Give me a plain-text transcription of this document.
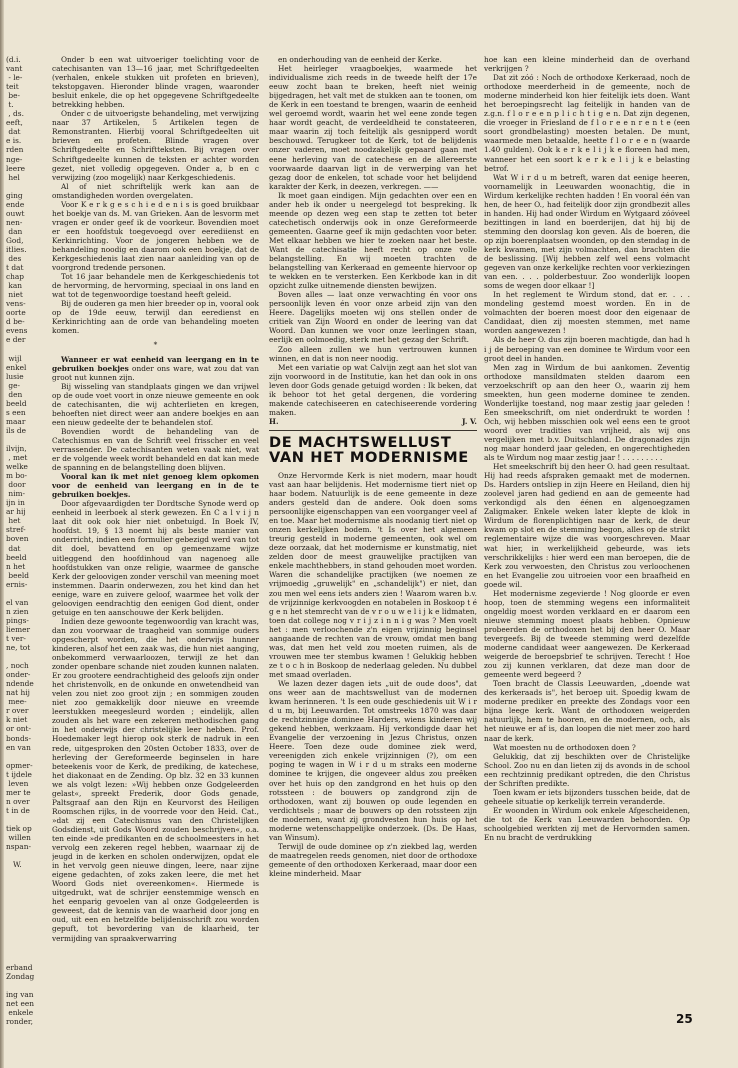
(d.i.
vant
- le-
teit
be-
t.
, ds.
eeft,
dat
e is.
rden
nge-
leere
hel

ging
ende
ouwt
nen-
dan
God,
itlies.
des
t dat
chap
kan
niet
vens-
oorte
d be-
evens
e der

wijl
enkel
lusie
ge-
den
beeld
s een
maar
ils de

ilvijn,
, met
welke
m bo-
door
nim-
ijn in
ar hij
het
stref-
boven
dat
beeld
n het
beeld
ernis-

el van
n zien
pings-
liemer
t ver-
ne, tot

, noch
onder-
ndende
nat hij
mee-
r over
k niet
or ont-
bonds-
en van

opmer-
t ijdele
leven
mer te
n over
t in de

tiek op
willen
nspan-

W.
erband
Zondag

ing van
net een
enkele
ronder,

Onder b een wat uitvoeriger toelichting voor de catechisanten van 13—16 jaar, met Schriftgedeelten (verhalen, enkele stukken uit profeten en brieven), tekstopgaven. Hieronder blinde vragen, waaronder besluit enkele, die op het opgegevene Schriftgedeelte betrekking hebben.

Onder c de uitvoerigste behandeling, met verwijzing naar 37 Artikelen, 5 Artikelen tegen de Remonstranten. Hierbij vooral Schriftgedeelten uit brieven en profeten. Blinde vragen over Schriftgedeelte en Schriftteksten. Bij vragen over Schriftgedeelte kunnen de teksten er achter worden gezet, niet volledig opgegeven. Onder a, b en c verwijzing (zoo mogelijk) naar Kerkgeschiedenis.

Al of niet schriftelijk werk kan aan de omstandigheden worden overgelaten.

Voor K e r k g e s c h i e d e n i s is goed bruikbaar het boekje van ds. M. van Grieken. Aan de lesvorm met vragen er onder geef ik de voorkeur. Bovendien moet er een hoofdstuk toegevoegd over eerediienst en Kerkinrichting. Voor de jongeren hebben we de behandeling noodig en daarom ook een boekje, dat de Kerkgeschiedenis laat zien naar aanleiding van op de voorgrond tredende personen.

Tot 16 jaar behandele men de Kerkgeschiedenis tot de hervorming, de hervorming, speciaal in ons land en wat tot de tegenwoordige toestand heeft geleid.

Bij de ouderen ga men hier breeder op in, vooral ook op de 19de eeuw, terwijl dan eeredienst en Kerkinrichting aan de orde van behandeling moeten komen.

*

Wanneer er wat eenheid van leergang en in te gebruiken boekjes onder ons ware, wat zou dat van groot nut kunnen zijn.

Bij wisseling van standplaats gingen we dan vrijwel op de oude voet voort in onze nieuwe gemeente en ook de catechisanten, die wij achterlieten en kregen, behoeften niet direct weer aan andere boekjes en aan een nieuw gedeelte der te behandelen stof.

Bovendien wordt de behandeling van de Catechismus en van de Schrift veel frisscher en veel verrassender. De catechisanten weten vaak niet, wat er de volgende week wordt behandeld en dat kan mede de spanning en de belangstelling doen blijven.

Vooral kan ik met niet genoeg klem opkomen voor de eenheid van leergang en in de te gebruiken boekjes.

Door afgevaardigden ter Dordtsche Synode werd op eenheid in leerboek al sterk gewezen. En C a l v i j n laat dit ook ook hier niet onbetuigd. In Boek IV, hoofdst. 19, § 13 noemt hij als beste manier van onderricht, indien een formulier gebezigd werd van tot dit doel, bevattend en op gemeenzame wijze uitleggend den hoofdinhoud van nagenoeg alle hoofdstukken van onze religie, waarmee de gansche Kerk der geloovigen zonder verschil van meening moet instemmen. Daarin onderwezen, zou het kind dan het eenige, ware en zuivere geloof, waarmee het volk der geloovigen eendrachtig den eenigen God dient, onder getuige en ten aanschouwe der Kerk belijden.

Indien deze gewoonte tegenwoordig van kracht was, dan zou voorwaar de traagheid van sommige ouders opgescherpt worden, die het onderwijs hunner kinderen, alsof het een zaak was, die hun niet aanging, onbekommerd verwaarloozen, terwijl ze het dan zonder openbare schande niet zouden kunnen nalaten. Er zou grootere eendrachtigheid des geloofs zijn onder het christenvolk, en de onkunde en onwetendheid van velen zou niet zoo groot zijn ; en sommigen zouden niet zoo gemakkelijk door nieuwe en vreemde leerstukken meegesleurd worden ; eindelijk, allen zouden als het ware een zekeren methodischen gang in het onderwijs der christelijke leer hebben. Prof. Hoedemaker legt hierop ook sterk de nadruk in een rede, uitgesproken den 20sten October 1833, over de herleving der Gereformeerde beginselen in hare beteekenis voor de Kerk, de prediking, de katechese, het diakonaat en de Zending. Op blz. 32 en 33 kunnen we als volgt lezen: »Wij hebben onze Godgeleerden gelast«, spreekt Frederik, door Gods genade, Paltsgraaf aan den Rijn en Keurvorst des Heiligen Roomschen rijks, in de voorrede voor den Heid. Cat., »dat zij een Catechismus van den Christelijken Godsdienst, uit Gods Woord zouden beschrijven«, o.a. ten einde »de predikanten en de schoolmeesters in het vervolg een zekeren regel hebben, waarnaar zij de jeugd in de kerken en scholen onderwijzen, opdat ele in het vervolg geen nieuwe dingen, leere, naar zijne eigene gedachten, of zoks zaken leere, die met het Woord Gods niet overeenkomen«. Hiermede is uitgedrukt, wat de schrijer eenstemmige wensch en het eenparig gevoelen van al onze Godgeleerden is geweest, dat de kennis van de waarheid door jong en oud, uit een en hetzelfde belijdenisschrift zou worden gepuft, tot bevordering van de klaarheid, ter vermijding van spraakverwarring

en onderhouding van de eenheid der Kerke.

Het heirleger vraagboekjes, waarmede het individualisme zich reeds in de tweede helft der 17e eeuw zocht baan te breken, heeft niet weinig bijgedragen, het valt met de stukken aan te toonen, om de Kerk in een toestand te brengen, waarin de eenheid wel geroemd wordt, waarin het wel eene zonde tegen haar wordt geacht, de verdeeldheid te constateeren, maar waarin zij toch feitelijk als gesnipperd wordt beschouwd. Terugkeer tot de Kerk, tot de belijdenis onzer vaderen, moet noodzakelijk gepaard gaan met eene herleving van de catechese en de allereerste voorwaarde daarvan ligt in de verwerping van het gezag door de enkelen, tot schade voor het belijdend karakter der Kerk, in deezen, verkregen. ——

Ik moet gaan eindigen. Mijn gedachten over een en ander heb ik onder u neergelegd tot bespreking. Ik meende op dezen weg een stap te zetten tot beter catechetisch onderwijs ook in onze Gereformeerde gemeenten. Gaarne geef ik mijn gedachten voor beter. Met elkaar hebben we hier te zoeken naar het beste. Want de catechisatie heeft recht op onze volle belangstelling. En wij moeten trachten de belangstelling van Kerkeraad en gemeente hiervoor op te wekken en te versterken. Een Kerkbode kan in dit opzicht zulke uitnemende diensten bewijzen.

Boven alles — laat onze verwachting én voor ons persoonlijk leven én voor onze arbeid zijn van den Heere. Dagelijks moeten wij ons stellen onder de critiek van Zijn Woord en onder de leering van dat Woord. Dan kunnen we voor onze leerlingen staan, eerlijk en oolmoedig, sterk met het gezag der Schrift.

Zoo alleen zullen we hun vertrouwen kunnen winnen, en dat is non neer noodig.

Met een variatie op wat Calvijn zegt aan het slot van zijn voorwoord in de Institutie, kan het dan ook in ons leven door Gods genade getuigd worden : Ik beken, dat ik behoor tot het getal dergenen, die vordering makende catechiseeren en catechiseerende vordering maken.

H.	J. V.
DE MACHTSWELLUST VAN HET MODERNISME

Onze Hervormde Kerk is niet modern, maar houdt vast aan haar belijdenis. Het modernisme tiert niet op haar bodem. Natuurlijk is de eene gemeente in deze anders gesteld dan de andere. Ook doen soms persoonlijke eigenschappen van een voorganger veel af en toe. Maar het modernisme als noodanig tiert niet op onzen kerkelijken bodem. 't Is over het algemeen treurig gesteld in moderne gemeenten, ook wel om deze oorzaak, dat het modernisme er kunstmatig, niet zelden door de meest grauwelijke practijken van enkele machthebbers, in stand gehouden moet worden. Waren die schandelijke practijken (we noemen ze vrijmoedig „gruwelijk" en „schandelijk") er niet, dan zou men wel eens iets anders zien ! Waarom waren b.v. de vrijzinnige kerkvoogden en notabelen in Boskoop t é g e n het stemrecht van de v r o u w e l i j k e lidmaten, toen dat college nog v r i j z i n n i g was ? Men voelt het : men verloochende z'n eigen vrijzinnig beginsel aangaande de rechten van de vrouw, omdat men bang was, dat men het veld zou moeten ruimen, als de vrouwen mee ter stembus kwamen ! Gelukkig hebben ze t o c h in Boskoop de nederlaag geleden. Nu dubbel met smaad overladen.

We lazen dezer dagen iets „uit de oude doos", dat ons weer aan de machtswellust van de modernen kwam herinneren. 't Is een oude geschiedenis uit W i r d u m, bij Leeuwarden. Tot omstreeks 1870 was daar de rechtzinnige dominee Harders, wiens kinderen wij gekend hebben, werkzaam. Hij verkondigde daar het Evangelie der verzoening in Jezus Christus, onzen Heere. Toen deze oude dominee ziek werd, vereenigden zich enkele vrijzinnigen (?), om een poging te wagen in W i r d u m straks een moderne dominee te krijgen, die ongeveer aldus zou preêken over het huis op den zandgrond en het huis op den rotssteen : de bouwers op zandgrond zijn de orthodoxen, want zij bouwen op oude legenden en verdichtsels ; maar de bouwers op den rotssteen zijn de modernen, want zij grondvesten hun huis op het moderne wetenschappelijke onderzoek. (Ds. De Haas, van Winsum).

Terwijl de oude dominee op z'n ziekbed lag, werden de maatregelen reeds genomen, niet door de orthodoxe gemeente of den orthodoxen Kerkeraad, maar door een kleine minderheid. Maar

hoe kan een kleine minderheid dan de overhand verkrijgen ?

Dat zit zóó : Noch de orthodoxe Kerkeraad, noch de orthodoxe meerderheid in de gemeente, noch de moderne minderheid kon hier feitelijk iets doen. Want het beroepingsrecht lag feitelijk in handen van de z.g.n. f l o r e e n p l i c h t i g e n. Dat zijn degenen, die vroeger in Friesland de f l o r e e n r e n t e (een soort grondbelasting) moesten betalen. De munt, waarmede men betaalde, heette f l o r e e n (waarde 1.40 gulden). Ook k e r k e l i j k e floreen had men, wanneer het een soort k e r k e l i j k e belasting betrof.

Wat W i r d u m betreft, waren dat eenige heeren, voornamelijk in Leeuwarden woonachtig, die in Wirdum kerkelijke rechten hadden ! En vooral één van hen, de heer O., had feitelijk door zijn grondbezit alles in handen. Hij had onder Wirdum en Wytgaard zóóveel bezittingen in land en boerderijen, dat hij bij de stemming den doorslag kon geven. Als de boeren, die op zijn boerenplaatsen woonden, op den stemdag in de kerk kwamen, met zijn volmachten, dan brachten die de beslissing. [Wij hebben zelf wel eens volmacht gegeven van onze kerkelijke rechten voor verkiezingen van een. . . . polderbestuur. Zoo wonderlijk loopen soms de wegen door elkaar !]

In het reglement te Wirdum stond, dat er. . . . mondeling gestemd moest worden. En in de volmachten der boeren moest door den eigenaar de Candidaat, dien zij moesten stemmen, met name worden aangewezen !

Als de heer O. dus zijn boeren machtigde, dan had h i j de beroeping van een dominee te Wirdum voor een groot deel in handen.

Men zag in Wirdum de bui aankomen. Zeventig orthodoxe mansildmaten stelden daarom een verzoekschrift op aan den heer O., waarin zij hem smeekten, hun geen moderne dominee te zenden. Wonderlijke toestand, nog maar zestig jaar geleden ! Een smeekschrift, om niet onderdrukt te worden ! Och, wij hebben misschien ook wel eens een te groot woord over tradities van vrijheid, als wij ons vergelijken met b.v. Duitschland. De dragonades zijn nog maar honderd jaar geleden, en ongerechtigheden als te Wirdum nog maar zestig jaar ! . . . . . . . . .

Het smeekschrift bij den heer O. had geen resultaat. Hij had reeds afspraken gemaakt met de modernen. Ds. Harders ontsliep in zijn Heere en Heiland, dien hij zoolevel jaren had gediend en aan de gemeente had verkondigd als den éénen en algenoegzamen Zaligmaker. Enkele weken later klepte de klok in Wirdum de florenplichtigen naar de kerk, de deur kwam op slot en de stemming begon, alles op de strikt reglementaire wijze die was voorgeschreven. Maar wat hier, in werkelijkheid gebeurde, was iets verschrikkelijks : hier werd een man beroepen, die de Kerk zou verwoesten, den Christus zou verloochenen en het Evangelie zou uitroeien voor een braafheid en goede wil.

Het modernisme zegevierde ! Nog gloorde er even hoop, toen de stemming wegens een informaliteit ongeldig moest worden verklaard en er daarom een nieuwe stemming moest plaats hebben. Opnieuw probeerden de orthodoxen het bij den heer O. Maar tevergeefs. Bij de tweede stemming werd dezelfde moderne candidaat weer aangewezen. De Kerkeraad weigerde de beroepsbrief te schrijven. Terecht ! Hoe zou zij kunnen verklaren, dat deze man door de gemeente werd begeerd ?

Toen bracht de Classis Leeuwarden, „doende wat des kerkeraads is", het beroep uit. Spoedig kwam de moderne prediker en preekte des Zondags voor een bijna leege kerk. Want de orthodoxen weigerden natuurlijk, hem te hooren, en de modernen, och, als het nieuwe er af is, dan loopen die niet meer zoo hard naar de kerk.

Wat moesten nu de orthodoxen doen ?

Gelukkig, dat zij beschikten over de Christelijke School. Zoo nu en dan lieten zij ds avonds in de school een rechtzinnig predikant optreden, die den Christus der Schriften predikte.

Toen kwam er iets bijzonders tusschen beide, dat de geheele situatie op kerkelijk terrein veranderde.

Er woonden in Wirdum ook enkele Afgescheidenen, die tot de Kerk van Leeuwarden behoorden. Op schoolgebied werkten zij met de Hervormden samen. En nu bracht de verdrukking

25
